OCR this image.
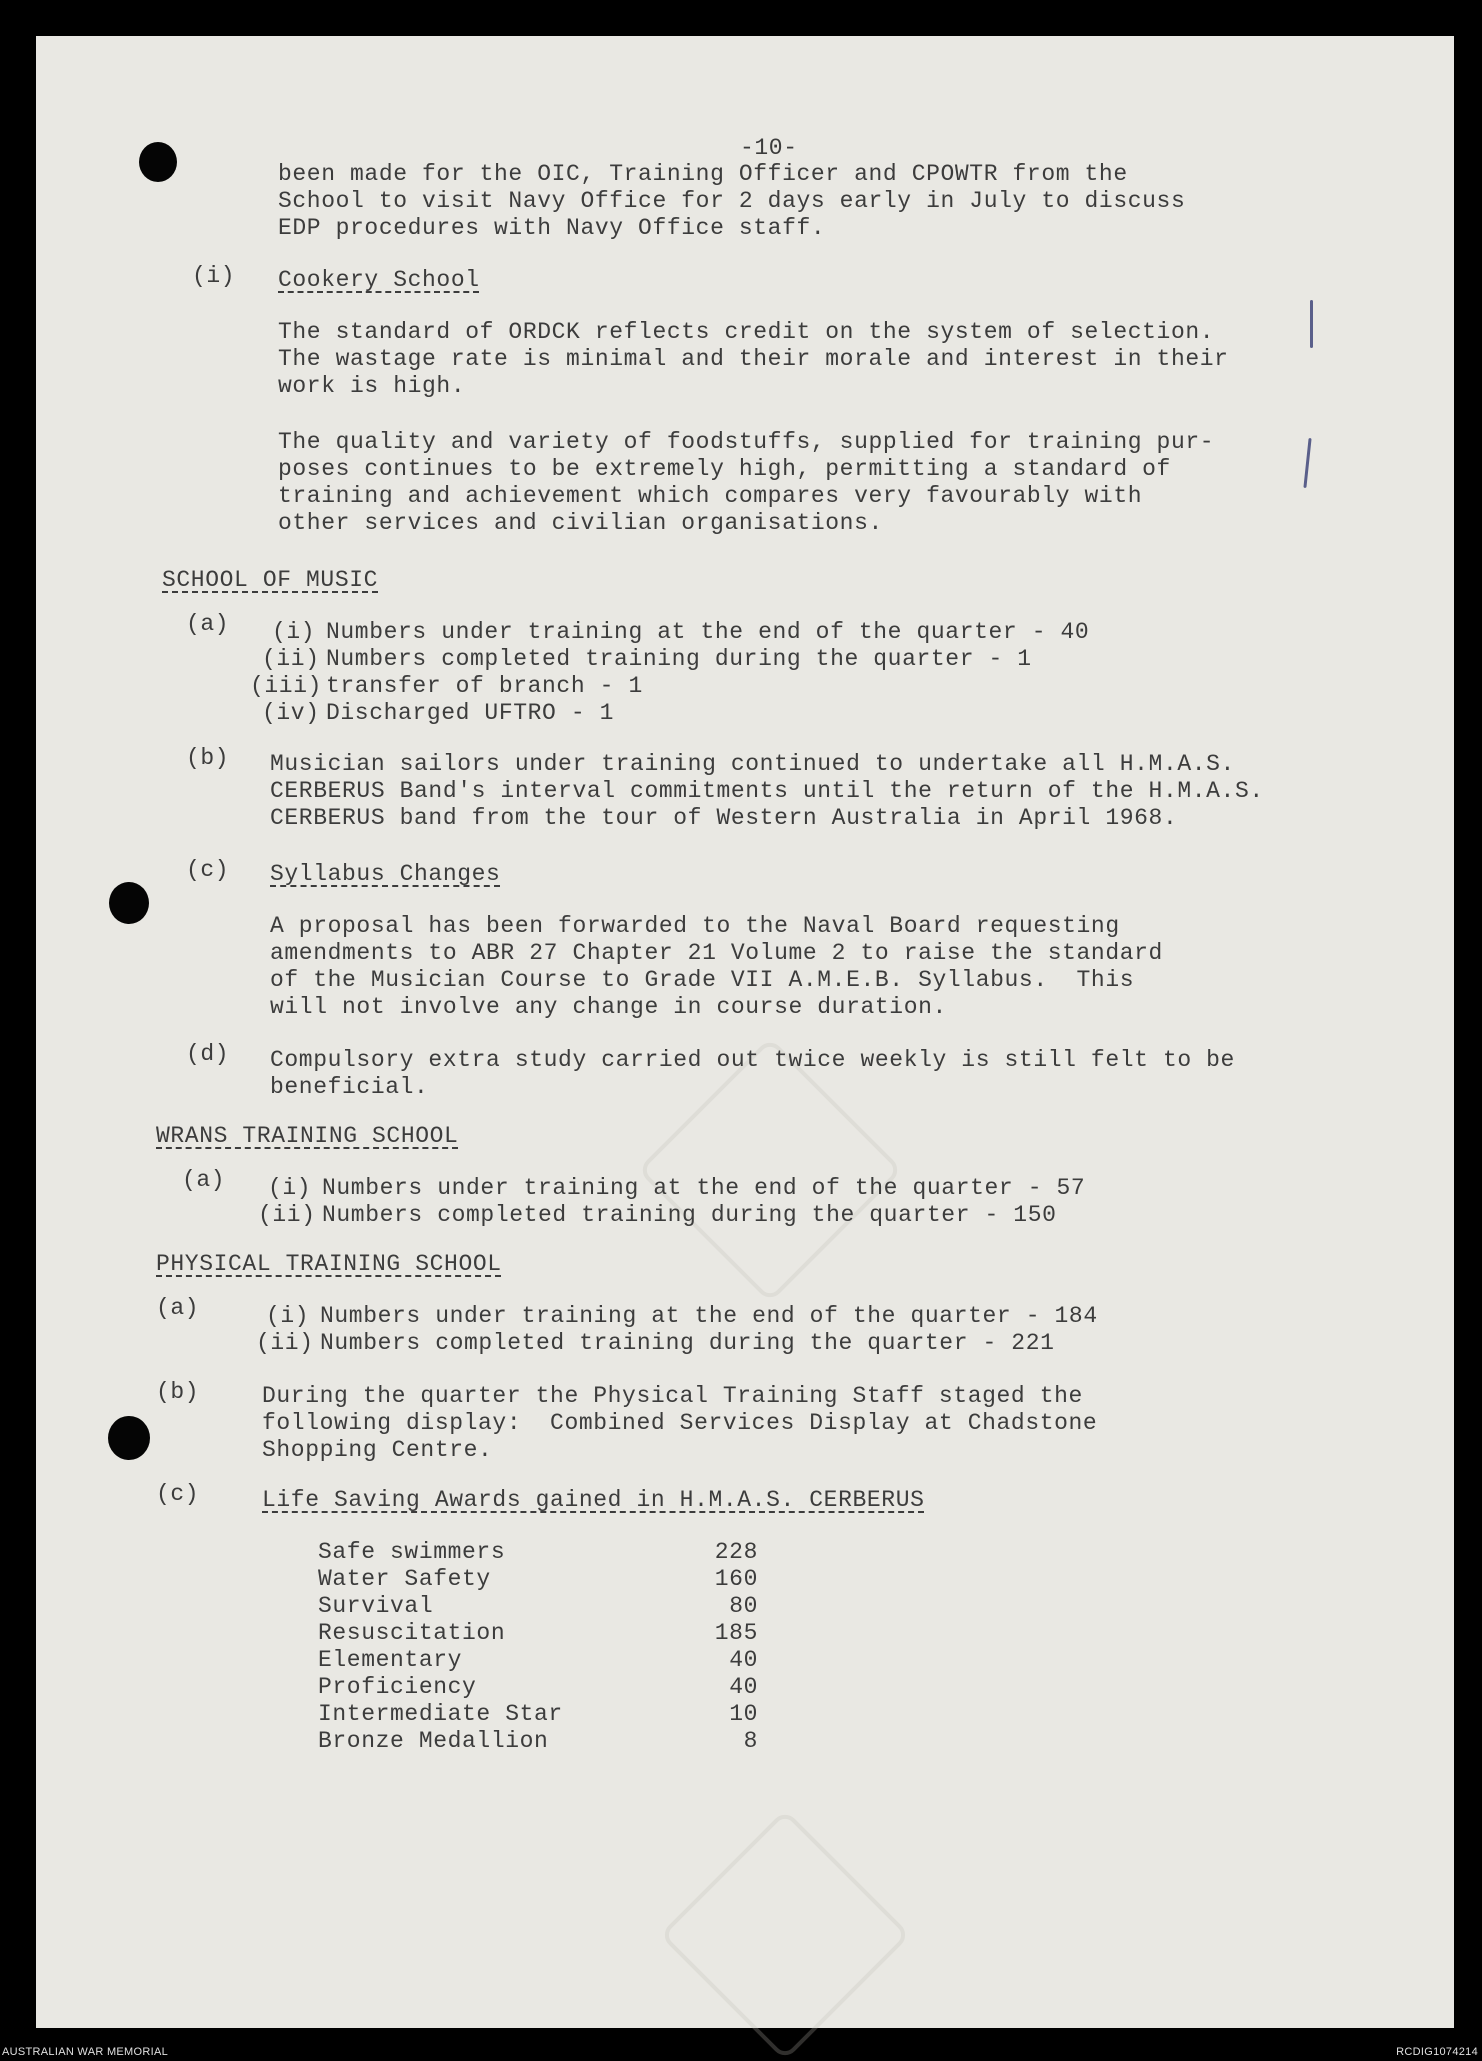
-10-
been made for the OIC, Training Officer and CPOWTR from the
School to visit Navy Office for 2 days early in July to discuss
EDP procedures with Navy Office staff.
(i) Cookery School
The standard of ORDCK reflects credit on the system of selection.
The wastage rate is minimal and their morale and interest in their
work is high.
The quality and variety of foodstuffs, supplied for training pur-
poses continues to be extremely high, permitting a standard of
training and achievement which compares very favourably with
other services and civilian organisations.
SCHOOL OF MUSIC
(a) (i) Numbers under training at the end of the quarter - 40
(ii) Numbers completed training during the quarter - 1
(iii) transfer of branch - 1
(iv) Discharged UFTRO - 1
(b) Musician sailors under training continued to undertake all H.M.A.S.
CERBERUS Band's interval commitments until the return of the H.M.A.S.
CERBERUS band from the tour of Western Australia in April 1968.
(c) Syllabus Changes
A proposal has been forwarded to the Naval Board requesting
amendments to ABR 27 Chapter 21 Volume 2 to raise the standard
of the Musician Course to Grade VII A.M.E.B. Syllabus.  This
will not involve any change in course duration.
(d) Compulsory extra study carried out twice weekly is still felt to be
beneficial.
WRANS TRAINING SCHOOL
(a) (i) Numbers under training at the end of the quarter - 57
(ii) Numbers completed training during the quarter - 150
PHYSICAL TRAINING SCHOOL
(a)	(i) Numbers under training at the end of the quarter - 184
(ii) Numbers completed training during the quarter - 221
(b)	During the quarter the Physical Training Staff staged the
following display:  Combined Services Display at Chadstone
Shopping Centre.
(c)	Life Saving Awards gained in H.M.A.S. CERBERUS
Safe swimmers	228
Water Safety	160
Survival	80
Resuscitation	185
Elementary	40
Proficiency	40
Intermediate Star	10
Bronze Medallion	8
AUSTRALIAN WAR MEMORIAL	RCDIG1074214
